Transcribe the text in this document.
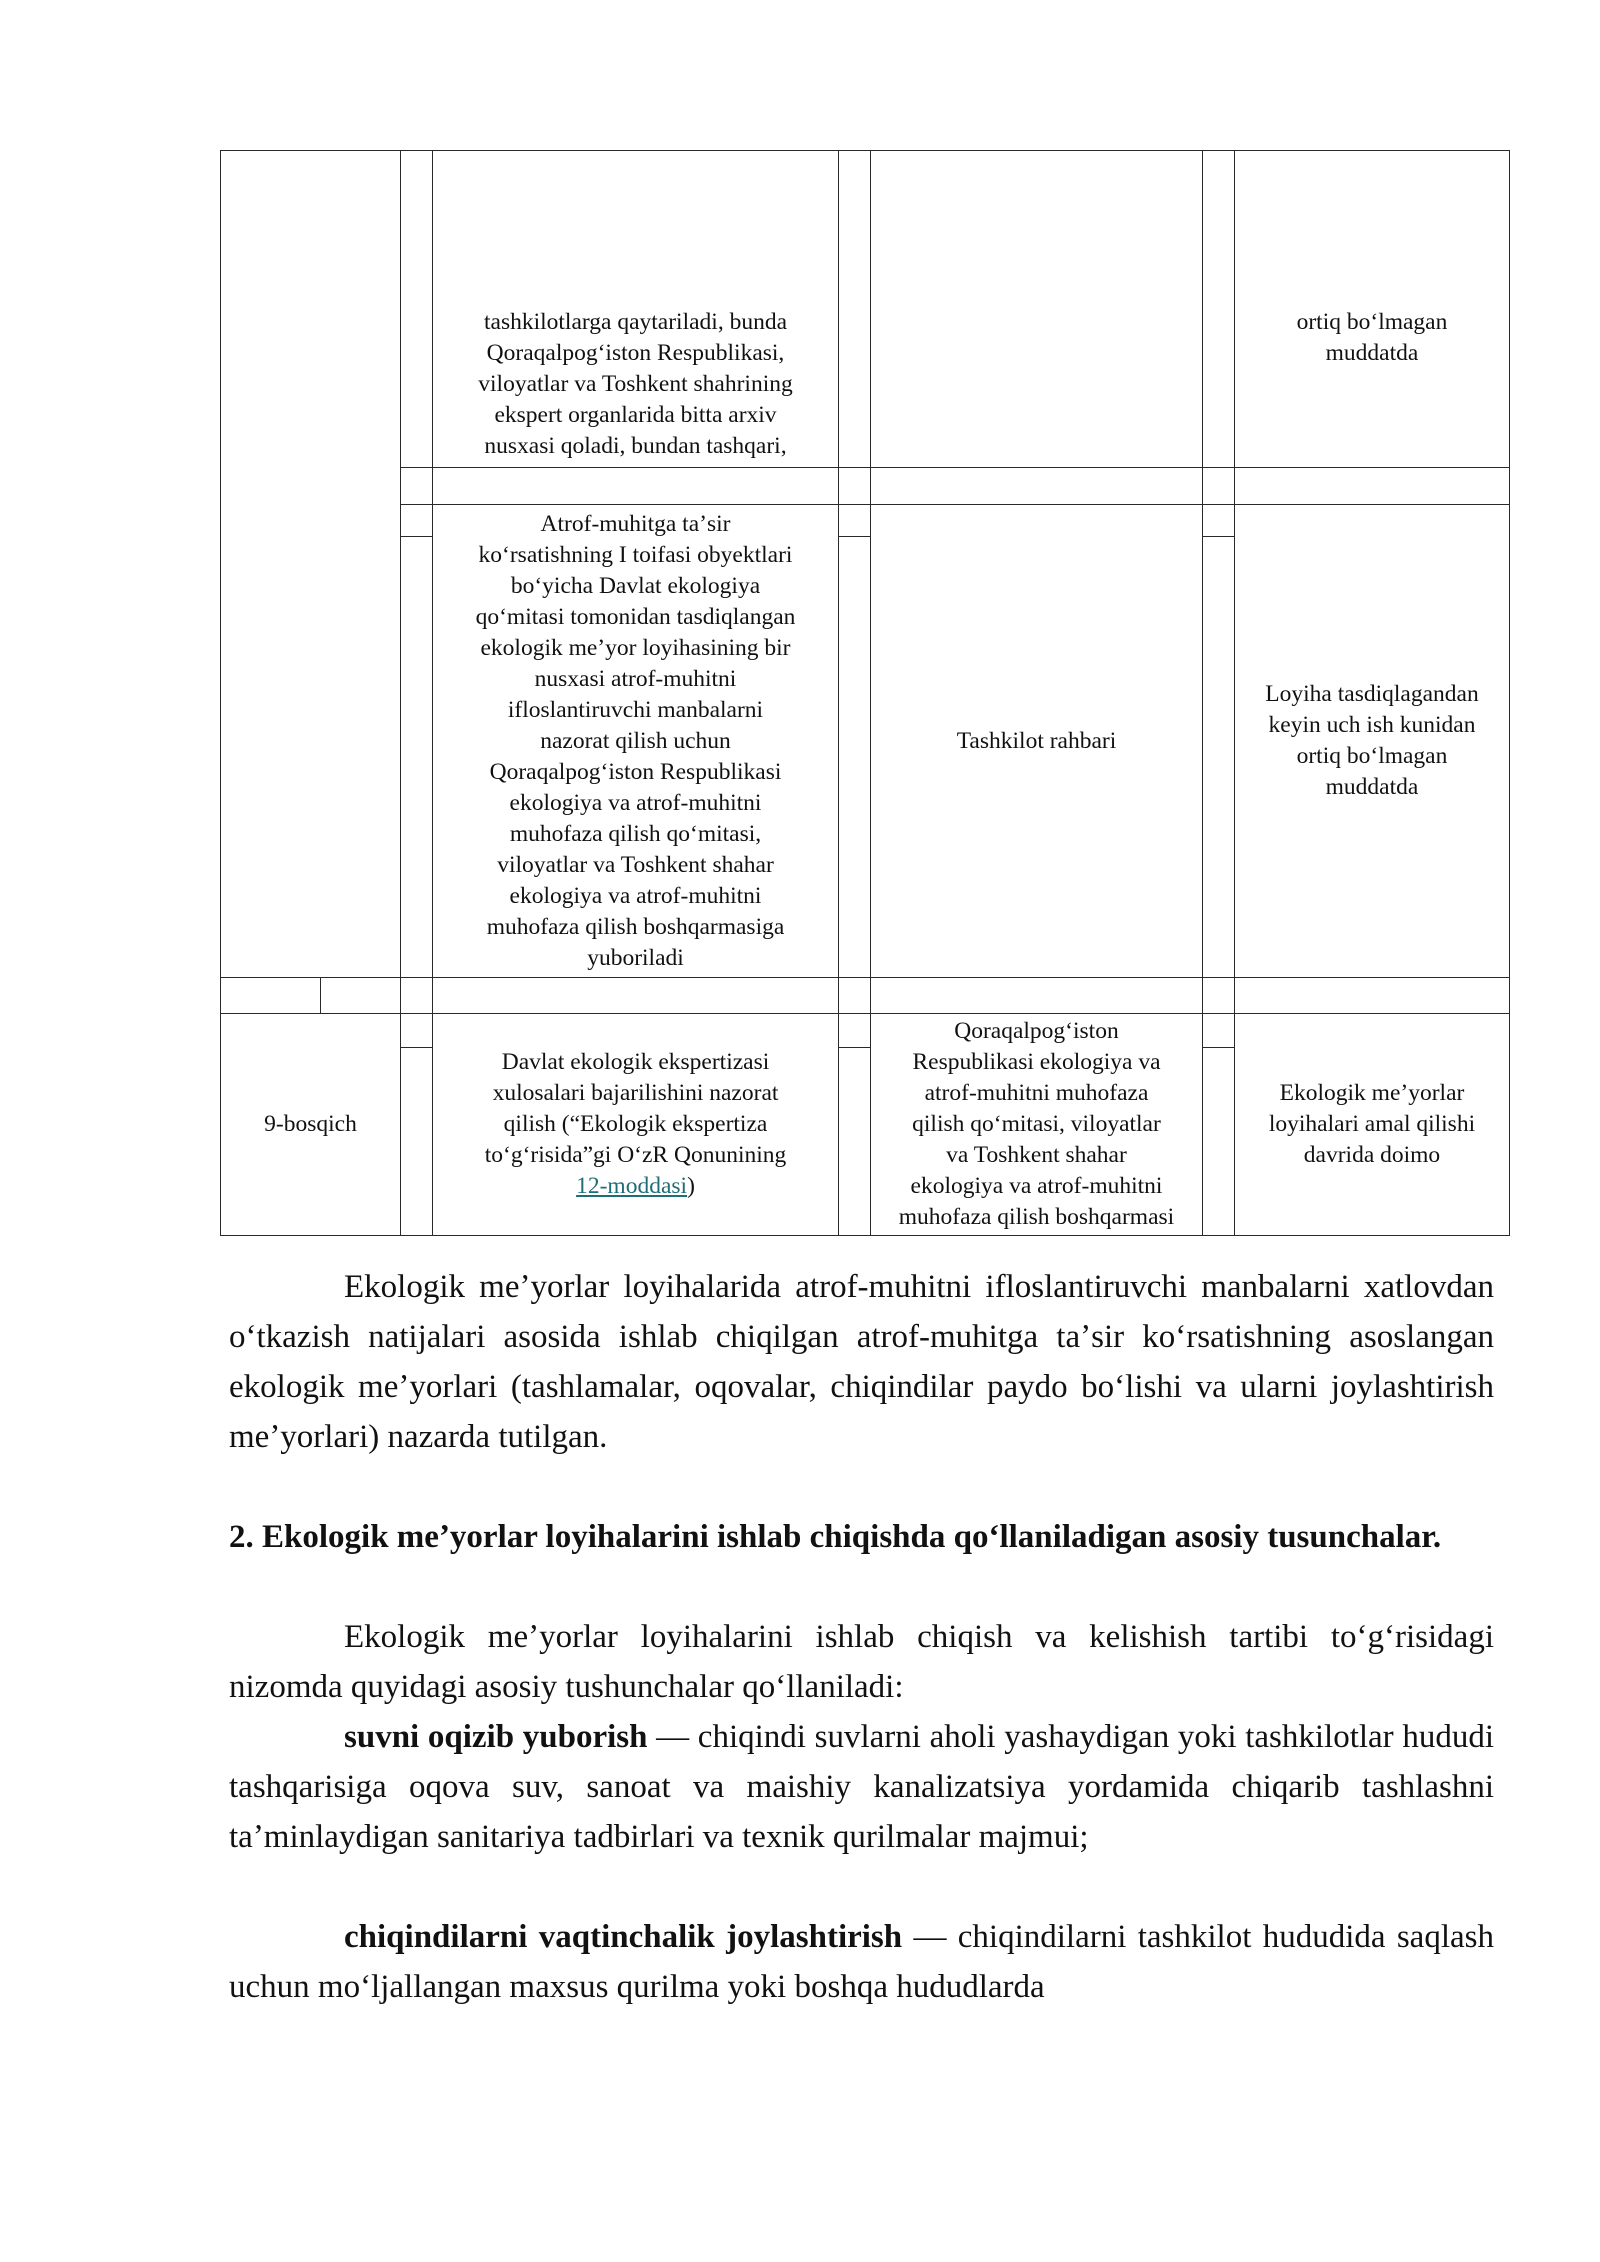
tashkilotlarga qaytariladi, bunda
Qoraqalpogʻiston Respublikasi,
viloyatlar va Toshkent shahrining
ekspert organlarida bitta arxiv
nusxasi qoladi, bundan tashqari,
ortiq boʻlmagan
muddatda
Atrof-muhitga taʼsir
koʻrsatishning I toifasi obyektlari
boʻyicha Davlat ekologiya
qoʻmitasi tomonidan tasdiqlangan
ekologik meʼyor loyihasining bir
nusxasi atrof-muhitni
ifloslantiruvchi manbalarni
nazorat qilish uchun
Qoraqalpogʻiston Respublikasi
ekologiya va atrof-muhitni
muhofaza qilish qoʻmitasi,
viloyatlar va Toshkent shahar
ekologiya va atrof-muhitni
muhofaza qilish boshqarmasiga
yuboriladi
Tashkilot rahbari
Loyiha tasdiqlagandan
keyin uch ish kunidan
ortiq boʻlmagan
muddatda
9-bosqich
Davlat ekologik ekspertizasi
xulosalari bajarilishini nazorat
qilish (“Ekologik ekspertiza
toʻgʻrisida”gi OʻzR Qonunining
12-moddasi)
Qoraqalpogʻiston
Respublikasi ekologiya va
atrof-muhitni muhofaza
qilish qoʻmitasi, viloyatlar
va Toshkent shahar
ekologiya va atrof-muhitni
muhofaza qilish boshqarmasi
Ekologik meʼyorlar
loyihalari amal qilishi
davrida doimo

Ekologik meʼyorlar loyihalarida atrof-muhitni ifloslantiruvchi manbalarni xatlovdan oʻtkazish natijalari asosida ishlab chiqilgan atrof-muhitga taʼsir koʻrsatishning asoslangan ekologik meʼyorlari (tashlamalar, oqovalar, chiqindilar paydo boʻlishi va ularni joylashtirish meʼyorlari) nazarda tutilgan.

2. Ekologik meʼyorlar loyihalarini ishlab chiqishda qoʻllaniladigan asosiy tusunchalar.

Ekologik meʼyorlar loyihalarini ishlab chiqish va kelishish tartibi toʻgʻrisidagi nizomda quyidagi asosiy tushunchalar qoʻllaniladi:

suvni oqizib yuborish — chiqindi suvlarni aholi yashaydigan yoki tashkilotlar hududi tashqarisiga oqova suv, sanoat va maishiy kanalizatsiya yordamida chiqarib tashlashni taʼminlaydigan sanitariya tadbirlari va texnik qurilmalar majmui;

chiqindilarni vaqtinchalik joylashtirish — chiqindilarni tashkilot hududida saqlash uchun moʻljallangan maxsus qurilma yoki boshqa hududlarda
